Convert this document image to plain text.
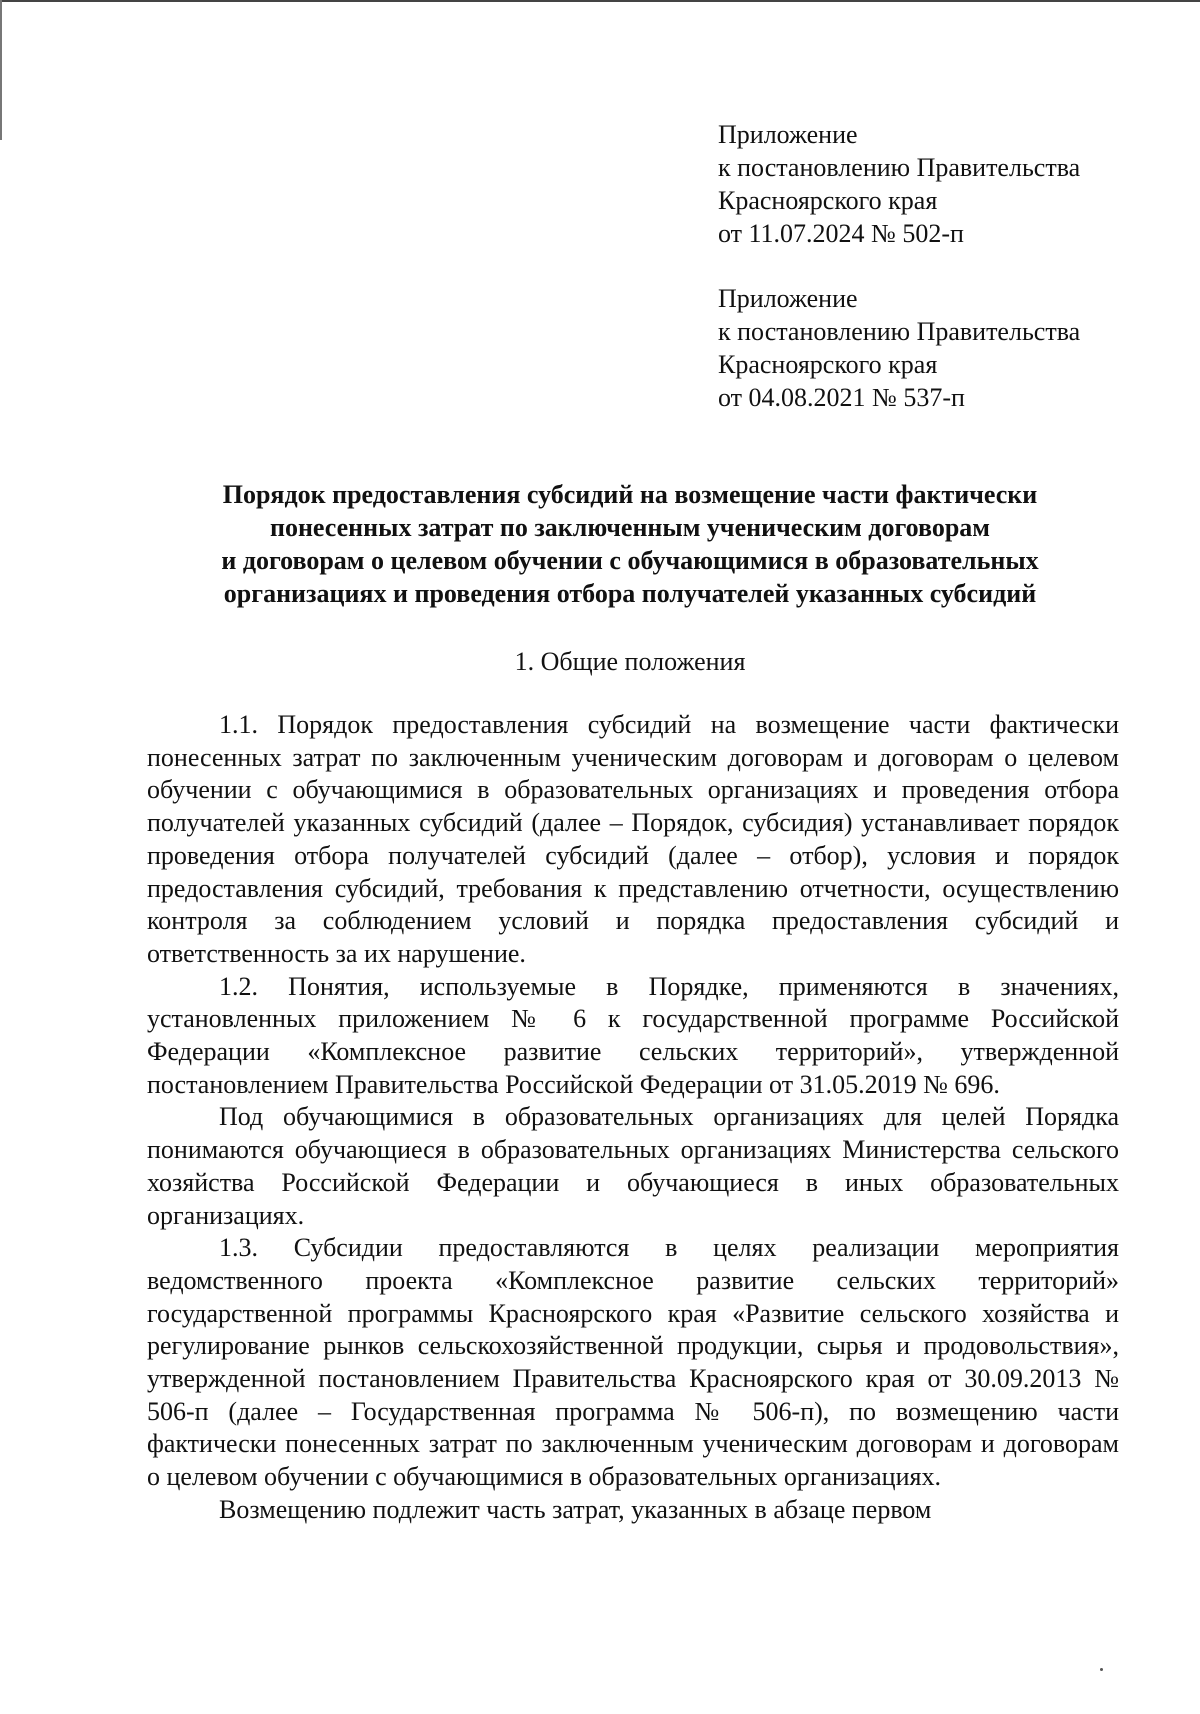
Приложение
к постановлению Правительства
Красноярского края
от 11.07.2024 № 502-п
Приложение
к постановлению Правительства
Красноярского края
от 04.08.2021 № 537-п
Порядок предоставления субсидий на возмещение части фактически
понесенных затрат по заключенным ученическим договорам
и договорам о целевом обучении с обучающимися в образовательных
организациях и проведения отбора получателей указанных субсидий
1. Общие положения

1.1. Порядок предоставления субсидий на возмещение части фактически понесенных затрат по заключенным ученическим договорам и договорам о целевом обучении с обучающимися в образовательных организациях и проведения отбора получателей указанных субсидий (далее – Порядок, субсидия) устанавливает порядок проведения отбора получателей субсидий (далее – отбор), условия и порядок предоставления субсидий, требования к представлению отчетности, осуществлению контроля за соблюдением условий и порядка предоставления субсидий и ответственность за их нарушение.

1.2. Понятия, используемые в Порядке, применяются в значениях, установленных приложением № 6 к государственной программе Российской Федерации «Комплексное развитие сельских территорий», утвержденной постановлением Правительства Российской Федерации от 31.05.2019 № 696.

Под обучающимися в образовательных организациях для целей Порядка понимаются обучающиеся в образовательных организациях Министерства сельского хозяйства Российской Федерации и обучающиеся в иных образовательных организациях.

1.3. Субсидии предоставляются в целях реализации мероприятия ведомственного проекта «Комплексное развитие сельских территорий» государственной программы Красноярского края «Развитие сельского хозяйства и регулирование рынков сельскохозяйственной продукции, сырья и продовольствия», утвержденной постановлением Правительства Красноярского края от 30.09.2013 № 506-п (далее – Государственная программа № 506-п), по возмещению части фактически понесенных затрат по заключенным ученическим договорам и договорам о целевом обучении с обучающимися в образовательных организациях.

Возмещению подлежит часть затрат, указанных в абзаце первом
